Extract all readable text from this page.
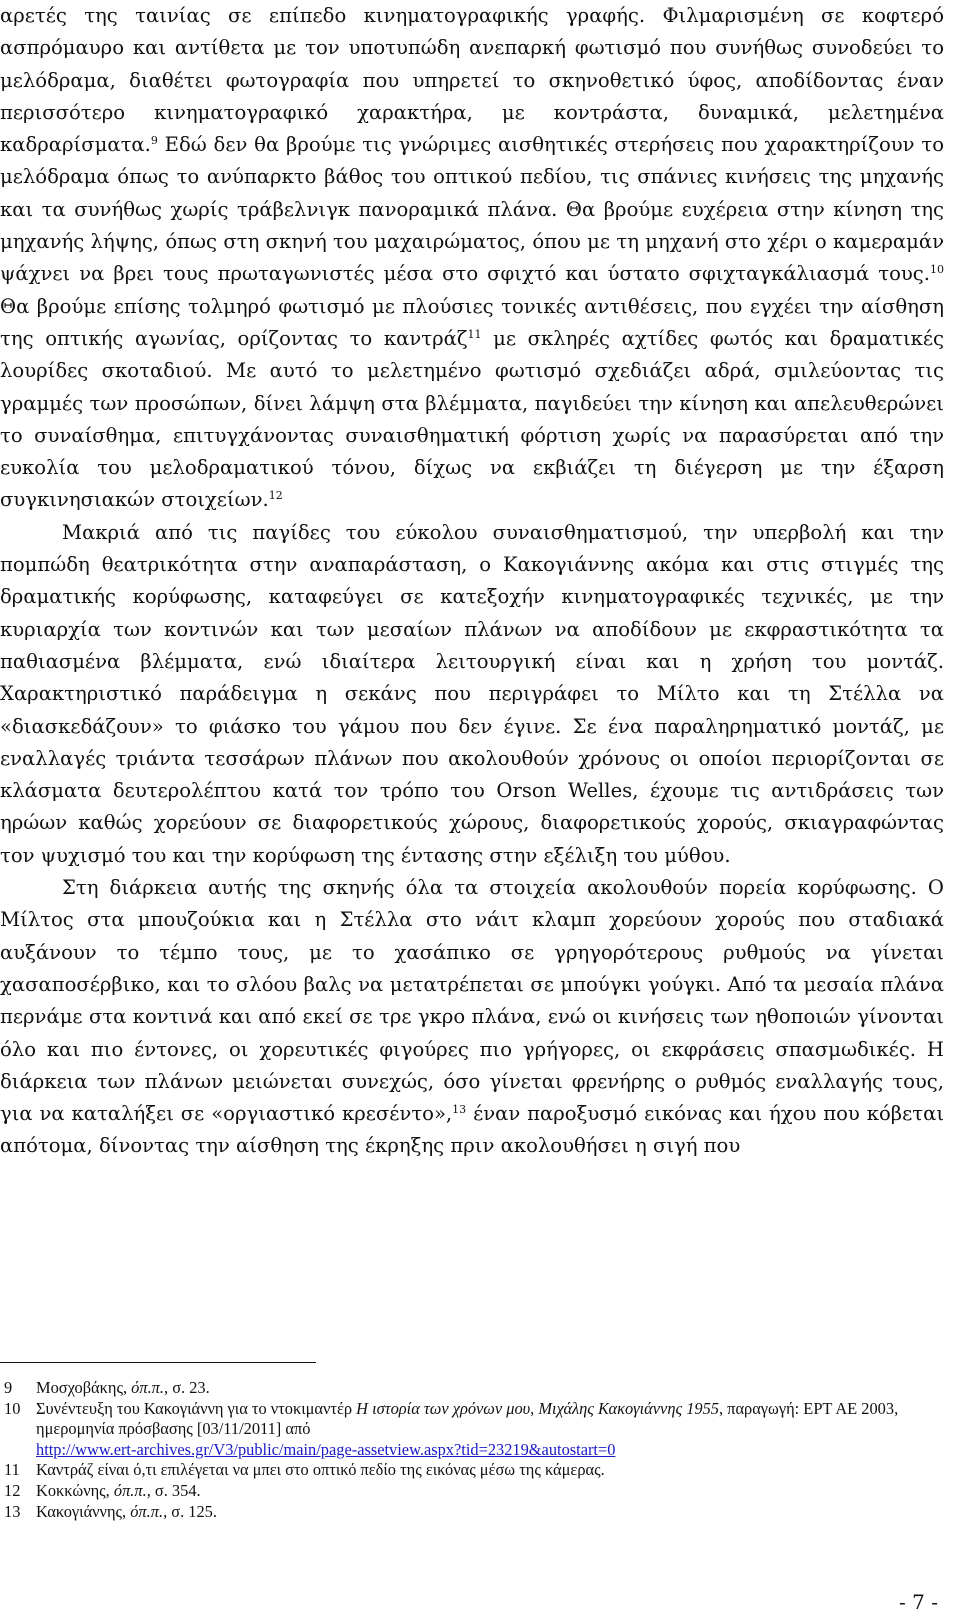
αρετές της ταινίας σε επίπεδο κινηματογραφικής γραφής. Φιλμαρισμένη σε κοφτερό ασπρόμαυρο και αντίθετα με τον υποτυπώδη ανεπαρκή φωτισμό που συνήθως συνοδεύει το μελόδραμα, διαθέτει φωτογραφία που υπηρετεί το σκηνοθετικό ύφος, αποδίδοντας έναν περισσότερο κινηματογραφικό χαρακτήρα, με κοντράστα, δυναμικά, μελετημένα καδραρίσματα.$^9$ Εδώ δεν θα βρούμε τις γνώριμες αισθητικές στερήσεις που χαρακτηρίζουν το μελόδραμα όπως το ανύπαρκτο βάθος του οπτικού πεδίου, τις σπάνιες κινήσεις της μηχανής και τα συνήθως χωρίς τράβελνιγκ πανοραμικά πλάνα. Θα βρούμε ευχέρεια στην κίνηση της μηχανής λήψης, όπως στη σκηνή του μαχαιρώματος, όπου με τη μηχανή στο χέρι ο καμεραμάν ψάχνει να βρει τους πρωταγωνιστές μέσα στο σφιχτό και ύστατο σφιχταγκάλιασμά τους.$^{10}$ Θα βρούμε επίσης τολμηρό φωτισμό με πλούσιες τονικές αντιθέσεις, που εγχέει την αίσθηση της οπτικής αγωνίας, ορίζοντας το καντράζ$^{11}$ με σκληρές αχτίδες φωτός και δραματικές λουρίδες σκοταδιού. Με αυτό το μελετημένο φωτισμό σχεδιάζει αδρά, σμιλεύοντας τις γραμμές των προσώπων, δίνει λάμψη στα βλέμματα, παγιδεύει την κίνηση και απελευθερώνει το συναίσθημα, επιτυγχάνοντας συναισθηματική φόρτιση χωρίς να παρασύρεται από την ευκολία του μελοδραματικού τόνου, δίχως να εκβιάζει τη διέγερση με την έξαρση συγκινησιακών στοιχείων.$^{12}$

Μακριά από τις παγίδες του εύκολου συναισθηματισμού, την υπερβολή και την πομπώδη θεατρικότητα στην αναπαράσταση, ο Κακογιάννης ακόμα και στις στιγμές της δραματικής κορύφωσης, καταφεύγει σε κατεξοχήν κινηματογραφικές τεχνικές, με την κυριαρχία των κοντινών και των μεσαίων πλάνων να αποδίδουν με εκφραστικότητα τα παθιασμένα βλέμματα, ενώ ιδιαίτερα λειτουργική είναι και η χρήση του μοντάζ. Χαρακτηριστικό παράδειγμα η σεκάνς που περιγράφει το Μίλτο και τη Στέλλα να «διασκεδάζουν» το φιάσκο του γάμου που δεν έγινε. Σε ένα παραληρηματικό μοντάζ, με εναλλαγές τριάντα τεσσάρων πλάνων που ακολουθούν χρόνους οι οποίοι περιορίζονται σε κλάσματα δευτερολέπτου κατά τον τρόπο του Orson Welles, έχουμε τις αντιδράσεις των ηρώων καθώς χορεύουν σε διαφορετικούς χώρους, διαφορετικούς χορούς, σκιαγραφώντας τον ψυχισμό του και την κορύφωση της έντασης στην εξέλιξη του μύθου.

Στη διάρκεια αυτής της σκηνής όλα τα στοιχεία ακολουθούν πορεία κορύφωσης. Ο Μίλτος στα μπουζούκια και η Στέλλα στο νάιτ κλαμπ χορεύουν χορούς που σταδιακά αυξάνουν το τέμπο τους, με το χασάπικο σε γρηγορότερους ρυθμούς να γίνεται χασαποσέρβικο, και το σλόου βαλς να μετατρέπεται σε μπούγκι γούγκι. Από τα μεσαία πλάνα περνάμε στα κοντινά και από εκεί σε τρε γκρο πλάνα, ενώ οι κινήσεις των ηθοποιών γίνονται όλο και πιο έντονες, οι χορευτικές φιγούρες πιο γρήγορες, οι εκφράσεις σπασμωδικές. Η διάρκεια των πλάνων μειώνεται συνεχώς, όσο γίνεται φρενήρης ο ρυθμός εναλλαγής τους, για να καταλήξει σε «οργιαστικό κρεσέντο»,$^{13}$ έναν παροξυσμό εικόνας και ήχου που κόβεται απότομα, δίνοντας την αίσθηση της έκρηξης πριν ακολουθήσει η σιγή που

9 Μοσχοβάκης, όπ.π., σ. 23.
10 Συνέντευξη του Κακογιάννη για το ντοκιμαντέρ Η ιστορία των χρόνων μου, Μιχάλης Κακογιάννης 1955, παραγωγή: ΕΡΤ ΑΕ 2003, ημερομηνία πρόσβασης [03/11/2011] από
http://www.ert-archives.gr/V3/public/main/page-assetview.aspx?tid=23219&autostart=0
11 Καντράζ είναι ό,τι επιλέγεται να μπει στο οπτικό πεδίο της εικόνας μέσω της κάμερας.
12 Κοκκώνης, όπ.π., σ. 354.
13 Κακογιάννης, όπ.π., σ. 125.
- 7 -
